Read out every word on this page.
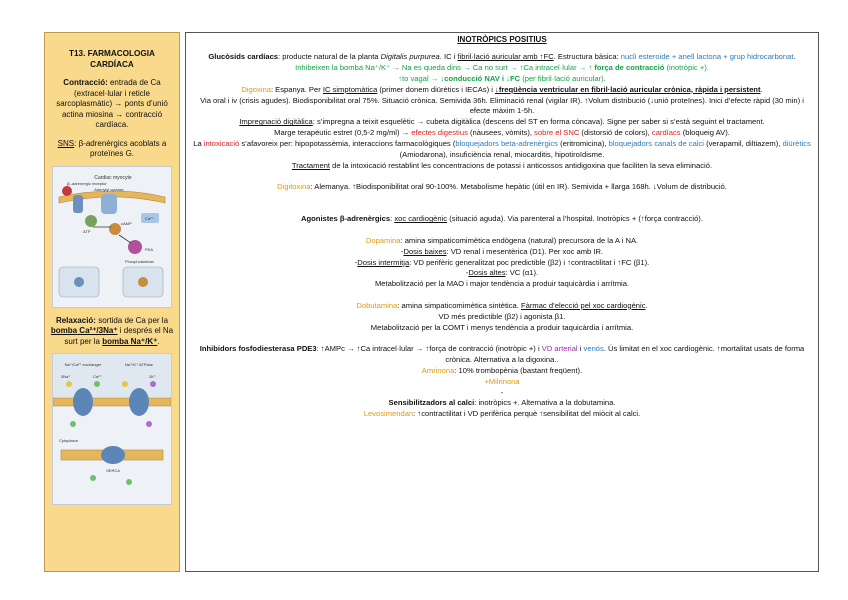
T13. FARMACOLOGIA CARDÍACA

Contracció: entrada de Ca (extracel·lular i reticle sarcoplasmàtic) → ponts d’unió actina miosina → contracció cardíaca.

SNS: β-adrenèrgics acoblats a proteïnes G.

Cardiac myocyte
β₁-adrenergic receptor
Adenylyl cyclase
ATP
cAMP
PKA
Ca²⁺
Phospholamban

Relaxació: sortida de Ca per la bomba Ca²⁺/3Na⁺ i després el Na surt per la bomba Na⁺/K⁺.

Na⁺/Ca²⁺ exchanger	Na⁺/K⁺ ATPase
3Na⁺	Ca²⁺	2K⁺
Cytoplasm
SERCA

INOTRÒPICS POSITIUS

Glucòsids cardíacs: producte natural de la planta Digitalis purpurea. IC i fibril·lació auricular amb ↑FC. Estructura bàsica: nucli esteroide + anell lactona + grup hidrocarbonat.

Inhibeixen la bomba Na⁺/K⁺ → Na es queda dins → Ca no surt → ↑Ca intracel·lular → ↑ força de contracció (inotròpic +).

↑to vagal → ↓conducció NAV i ↓FC (per fibril·lació auricular).

Digoxina: Espanya. Per IC simptomàtica (primer donem diürètics i IECAs) i ↓freqüència ventricular en fibril·lació auricular crònica, ràpida i persistent.

Via oral i iv (crisis agudes). Biodisponibilitat oral 75%. Situació crònica. Semivida 36h. Eliminació renal (vigilar IR). ↑Volum distribució (↓unió proteïnes). Inici d’efecte ràpid (30 min) i efecte màxim 1-5h.

Impregnació digitàlica: s’impregna a teixit esquelètic → cubeta digitàlica (descens del ST en forma còncava). Signe per saber si s’està seguint el tractament.

Marge terapèutic estret (0,5-2 mg/ml) → efectes digestius (nàusees, vòmits), sobre el SNC (distorsió de colors), cardíacs (bloqueig AV).

La intoxicació s’afavoreix per: hipopotassèmia, interaccions farmacològiques (bloquejadors beta-adrenèrgics (eritromicina), bloquejadors canals de calci (verapamil, diltiazem), diürètics (Amiodarona), insuficiència renal, miocarditis, hipotiroïdisme.

Tractament de la intoxicació restablint les concentracions de potassi i anticossos antidigoxina que faciliten la seva eliminació.

Digitoxina: Alemanya. ↑Biodisponibilitat oral 90-100%. Metabolisme hepàtic (útil en IR). Semivida + llarga 168h. ↓Volum de distribució.

Agonistes β-adrenèrgics: xoc cardiogènic (situació aguda). Via parenteral a l’hospital. Inotròpics + (↑força contracció).

Dopamina: amina simpaticomimètica endògena (natural) precursora de la A i NA.

-Dosis baixes: VD renal i mesentèrica (D1). Per xoc amb IR.

-Dosis intermitja: VD perifèric generalitzat poc predictible (β2) i ↑contractilitat i ↑FC (β1).

-Dosis altes: VC (α1).

Metabolització per la MAO i major tendència a produir taquicàrdia i arrítmia.

Dobutamina: amina simpaticomimètica sintètica. Fàrmac d’elecció pel xoc cardiogènic.

VD més predictible (β2) i agonista β1.

Metabolització per la COMT i menys tendència a produir taquicàrdia i arrítmia.

Inhibidors fosfodiesterasa PDE3: ↑AMPc → ↑Ca intracel·lular → ↑força de contracció (inotròpic +) i VD arterial i venós. Ús limitat en el xoc cardiogènic. ↑mortalitat usats de forma crònica. Alternativa a la digoxina..

Amrinona: 10% trombopènia (bastant freqüent).

+Milrinona

-

Sensibilitzadors al calci: inotròpics +. Alternativa a la dobutamina.

Levosimendan: ↑contractilitat i VD perifèrica perquè ↑sensibilitat del miòcit al calci.
